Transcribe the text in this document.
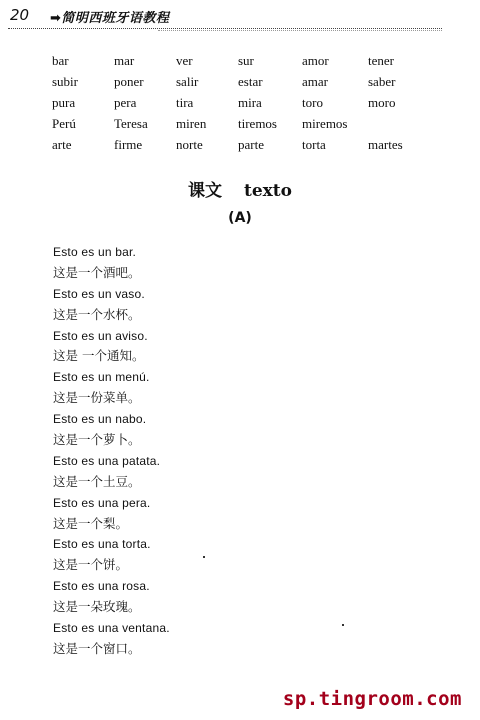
20 ➡简明西班牙语教程
bar	mar	ver	sur	amor	tener
subir	poner	salir	estar	amar	saber
pura	pera	tira	mira	toro	moro
Perú	Teresa	miren	tiremos	miremos	
arte	firme	norte	parte	torta	martes
课文 texto
(A)
Esto es un bar.
这是一个酒吧。
Esto es un vaso.
这是一个水杯。
Esto es un aviso.
这是 一个通知。
Esto es un menú.
这是一份菜单。
Esto es un nabo.
这是一个萝卜。
Esto es una patata.
这是一个土豆。
Esto es una pera.
这是一个梨。
Esto es una torta.
这是一个饼。
Esto es una rosa.
这是一朵玫瑰。
Esto es una ventana.
这是一个窗口。
sp.tingroom.com
